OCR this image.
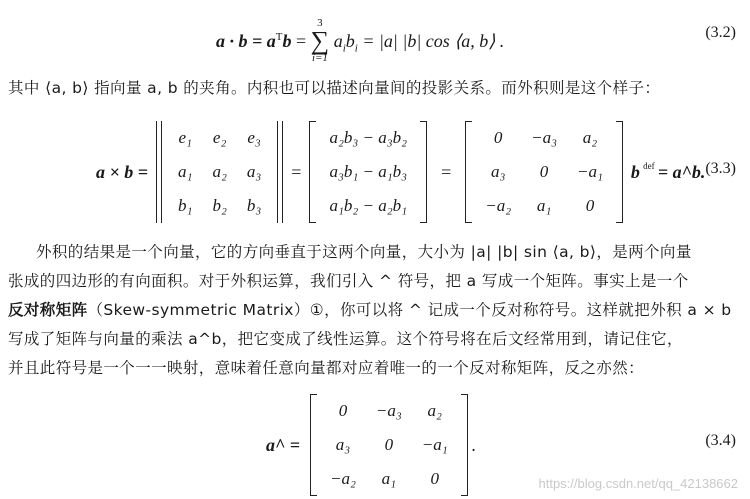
$a \cdot b = a^Tb$ =
3
∑
i=1
$a_ib_i = |a|$ |b| cos ⟨a, b⟩ .	(3.2)
其中 ⟨a, b⟩ 指向量 a, b 的夹角。内积也可以描述向量间的投影关系。而外积则是这个样子：
a × b =
e₁	e₂	e₃
a₁	a₂	a₃
b₁	b₂	b₃
=
a₂b₃ − a₃b₂
a₃b₁ − a₁b₃
a₁b₂ − a₂b₁
=
0	−a₃	a₂
a₃	0	−a₁
−a₂	a₁	0
b def = a^b. (3.3)
外积的结果是一个向量，它的方向垂直于这两个向量，大小为 |a| |b| sin ⟨a, b⟩，是两个向量
张成的四边形的有向面积。对于外积运算，我们引入 ^ 符号，把 a 写成一个矩阵。事实上是一个
反对称矩阵（Skew-symmetric Matrix）①，你可以将 ^ 记成一个反对称符号。这样就把外积 a × b
写成了矩阵与向量的乘法 a^b，把它变成了线性运算。这个符号将在后文经常用到，请记住它，
并且此符号是一个一一映射，意味着任意向量都对应着唯一的一个反对称矩阵，反之亦然：
a^ =
0	−a₃	a₂
a₃	0	−a₁
−a₂	a₁	0
.	(3.4)
https://blog.csdn.net/qq_42138662
